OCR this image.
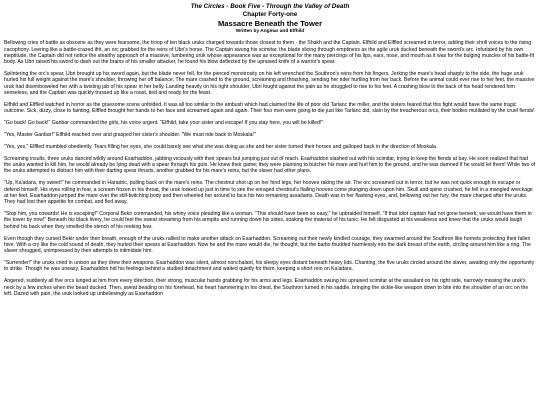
The Circles - Book Five - Through the Valley of Death
Chapter Forty-one
Massacre Beneath the Tower
Written by Angmar and Elfhild

Bellowing cries of battle as obscene as they were fearsome, the troop of ten black uruks charged towards those closest to them - the Shakh and the Captain. Elfhild and Elffled screamed in terror, adding their shrill voices to the rising cacophony. Leering like a battle-crazed ifrit, an orc grabbed for the reins of Ubri's horse. The Captain swung his scimitar, the blade slicing through emptiness as the agile uruk ducked beneath the sword's arc. Infuriated by his own ineptitude, the Captain did not notice the stealthy approach of a massive, lumbering uruk whose appearance was as exceptional for the many piercings of his lips, ears, nose, and mouth as it was for the bulging muscles of his battle-fit body. As Ubri raised his sword to dash out the brains of his smaller attacker, he found his blow deflected by the upraised knife of a warrior's spear.

Splintering the orc's spear, Ubri brought up his sword again, but the blade never fell, for the pierced monstrosity on his left wrenched the Southron's reins from his fingers. Jerking the mare's head sharply to the side, the huge uruk hurled his full weight against the mare's shoulder, throwing her off balance. The mare crashed to the ground, screaming and thrashing, sending her rider hurtling from her back. Before the animal could ever rise to her feet, the massive uruk had disemboweled her with a twisting jab of his spear in her belly. Landing heavily on his right shoulder, Ubri fought against the pain as he struggled to rise to his feet. A crashing blow to the back of his head rendered him senseless, and the Captain was quickly trussed up like a roast, tied and ready for the feast.

Elfhild and Elffled watched in horror as the gruesome scene unfolded. It was all too similar to the ambush which had claimed the life of poor old Tarlanc the miller, and the sisters feared that this fight would have the same tragic outcome. Sick, dizzy, close to fainting, Elffled brought her hands to her face and screamed again and again. Their four men were going to die just like Tarlanc did, slain by the treacherous orcs, their bodies mutilated by the cruel fiends!

"Go back! Go back!" Ganbar commanded the girls, his voice urgent. "Elfhild, take your sister and escape! If you stay here, you will be killed!"

"Yes, Master Ganbar!" Elfhild reached over and grasped her sister's shoulder. "We must ride back to Moskala!"

"Yes, yes," Elffled mumbled obediently. Tears filling her eyes, she could barely see what she was doing as she and her sister turned their horses and galloped back in the direction of Moskala.

Screaming insults, three uruks danced wildly around Esarhaddon, jabbing viciously with their spears but jumping just out of reach. Esarhaddon slashed out with his scimitar, trying to keep the fiends at bay. He soon realized that had the uruks wanted to kill him, he would already be lying dead with a spear through his guts. He knew their game; they were planning to butcher his mare and hurl him to the ground, and he was damned if he would let them! While two of the uruks attempted to distract him with their darting spear thrusts, another grabbed for his mare's reins, but the slaver had other plans.

"Up, Ka'adara, my sweet!" he commanded in Haradric, pulling back on the mare's reins. The chestnut shot up on her hind legs, her hooves raking the air. The orc screamed out in terror, but he was not quick enough to escape or defend himself. His eyes rolling in fear, a scream frozen in his throat, the uruk looked up just in time to see the enraged chestnut's flailing hooves come plunging down upon him. Skull and spine crushed, he fell in a mangled wreckage at her feet. Esarhaddon jumped the mare over the still-twitching body and then wheeled her around to face his two remaining assailants. Death was in her flashing eyes, and, bellowing out her fury, the mare charged after the uruks. They had lost their appetite for combat, and fled away.

"Stop him, you cowards! He is escaping!" Corporal Bekir commanded, his whiny voice pleading like a woman. "This should have been so easy," he upbraided himself. "If that idiot captain had not gone berserk, we would have them in the tower by now!" Beneath his black livery, he could feel the sweat streaming from his armpits and running down his sides, soaking the material of his tunic. He felt disgusted at his weakness and knew that the uruks would laugh behind his back when they smelled the stench of his reeking fear.

Even though they cursed Bekir under their breath, enough of the uruks rallied to make another attack on Esarhaddon. Screaming out their newly kindled courage, they swarmed around the Southron like hornets protecting their fallen hive. With a cry like the cold sound of death, they hurled their spears at Esarhaddon. Now he and the mare would die, he thought, but the barbs thudded harmlessly into the dark breast of the earth, circling around him like a ring. The slaver shrugged, unimpressed by their attempts to intimidate him.

"Surrender!" the uruks cried in unison as they drew their weapons. Esarhaddon was silent, almost nonchalant, his sleepy eyes distant beneath heavy lids. Chanting, the five uruks circled around the slaver, awaiting only the opportunity to strike. Though he was uneasy, Esarhaddon hid his feelings behind a studied detachment and waited quietly for them, keeping a short rein on Ka'adara.

Angered, suddenly all five orcs lunged at him from every direction, their strong, muscular hands grabbing for his arms and legs. Esarhaddon swung his upraised scimitar at the assailant on his right side, narrowly missing the uruk's neck by a few inches when the beast ducked. Then, sweat beading on his forehead, his heart hammering in his chest, the Southron turned in his saddle, bringing the sickle-like weapon down to bite into the shoulder of an orc on the left. Dazed with pain, the uruk looked up unbelievingly as Esarhaddon
